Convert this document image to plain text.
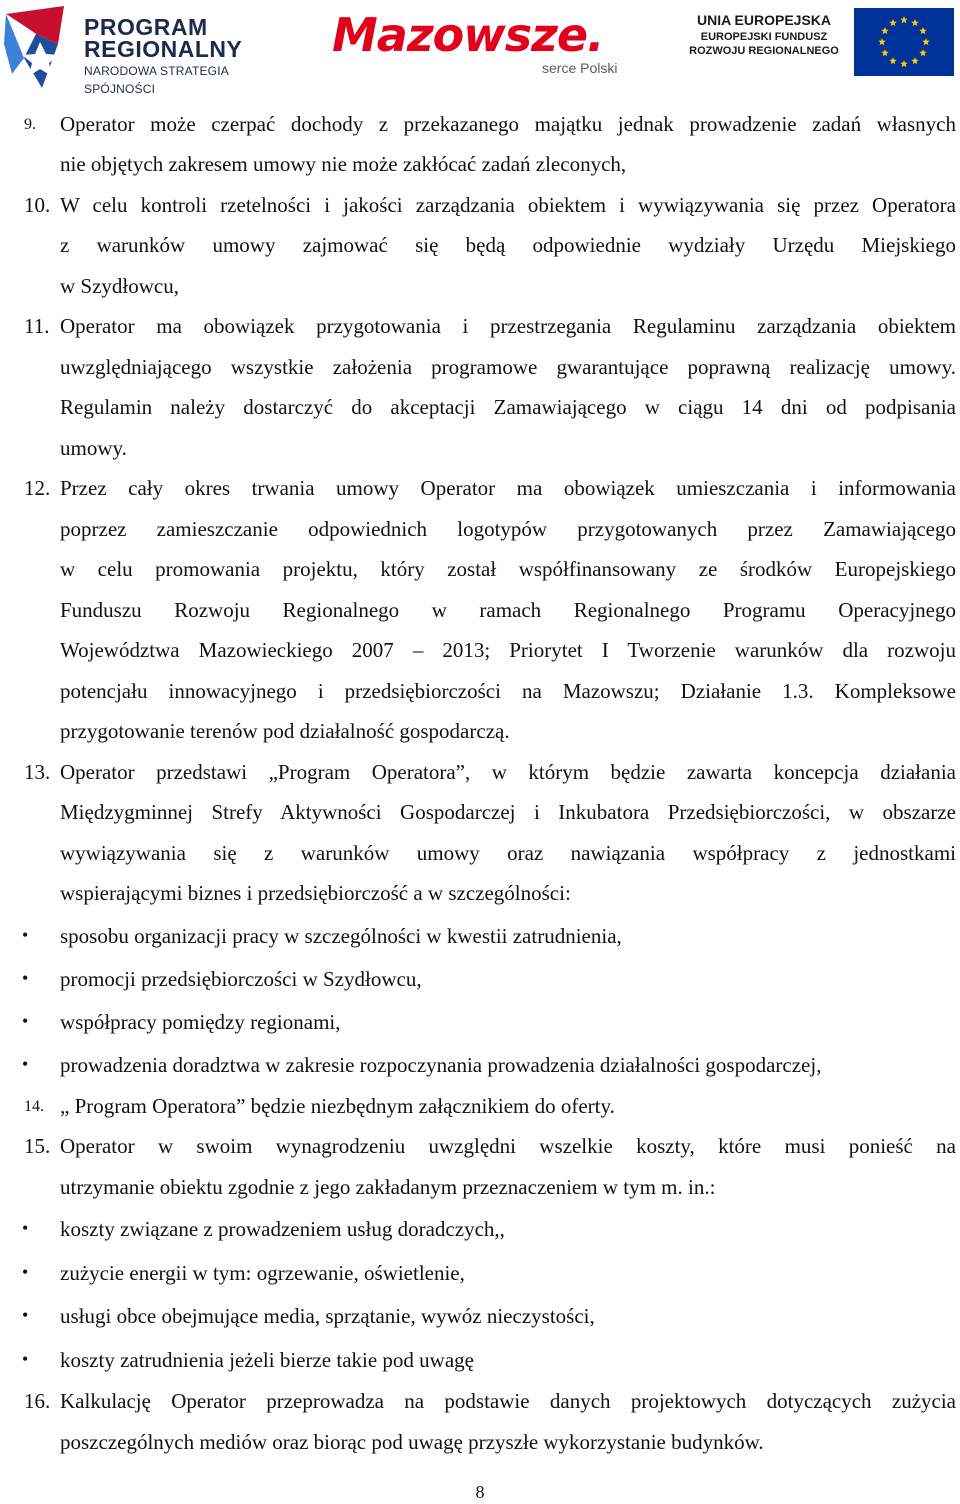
PROGRAM
REGIONALNY
NARODOWA STRATEGIA SPÓJNOŚCI
Mazowsze.
serce Polski
UNIA EUROPEJSKA
EUROPEJSKI FUNDUSZ
ROZWOJU REGIONALNEGO
9. Operator może czerpać dochody z przekazanego majątku jednak prowadzenie zadań własnych
nie objętych zakresem umowy nie może zakłócać zadań zleconych,
10. W celu kontroli rzetelności i jakości zarządzania obiektem i wywiązywania się przez Operatora
z warunków umowy zajmować się będą odpowiednie wydziały Urzędu Miejskiego
w Szydłowcu,
11. Operator ma obowiązek przygotowania i przestrzegania Regulaminu zarządzania obiektem
uwzględniającego wszystkie założenia programowe gwarantujące poprawną realizację umowy.
Regulamin należy dostarczyć do akceptacji Zamawiającego w ciągu 14 dni od podpisania
umowy.
12. Przez cały okres trwania umowy Operator ma obowiązek umieszczania i informowania
poprzez zamieszczanie odpowiednich logotypów przygotowanych przez Zamawiającego
w celu promowania projektu, który został współfinansowany ze środków Europejskiego
Funduszu Rozwoju Regionalnego w ramach Regionalnego Programu Operacyjnego
Województwa Mazowieckiego 2007 – 2013; Priorytet I Tworzenie warunków dla rozwoju
potencjału innowacyjnego i przedsiębiorczości na Mazowszu; Działanie 1.3. Kompleksowe
przygotowanie terenów pod działalność gospodarczą.
13. Operator przedstawi „Program Operatora”, w którym będzie zawarta koncepcja działania
Międzygminnej Strefy Aktywności Gospodarczej i Inkubatora Przedsiębiorczości, w obszarze
wywiązywania się z warunków umowy oraz nawiązania współpracy z jednostkami
wspierającymi biznes i przedsiębiorczość a w szczególności:
• sposobu organizacji pracy w szczególności w kwestii zatrudnienia,
• promocji przedsiębiorczości w Szydłowcu,
• współpracy pomiędzy regionami,
• prowadzenia doradztwa w zakresie rozpoczynania prowadzenia działalności gospodarczej,
14. „ Program Operatora” będzie niezbędnym załącznikiem do oferty.
15. Operator w swoim wynagrodzeniu uwzględni wszelkie koszty, które musi ponieść na
utrzymanie obiektu zgodnie z jego zakładanym przeznaczeniem w tym m. in.:
• koszty związane z prowadzeniem usług doradczych,,
• zużycie energii w tym: ogrzewanie, oświetlenie,
• usługi obce obejmujące media, sprzątanie, wywóz nieczystości,
• koszty zatrudnienia jeżeli bierze takie pod uwagę
16. Kalkulację Operator przeprowadza na podstawie danych projektowych dotyczących zużycia
poszczególnych mediów oraz biorąc pod uwagę przyszłe wykorzystanie budynków.
8
